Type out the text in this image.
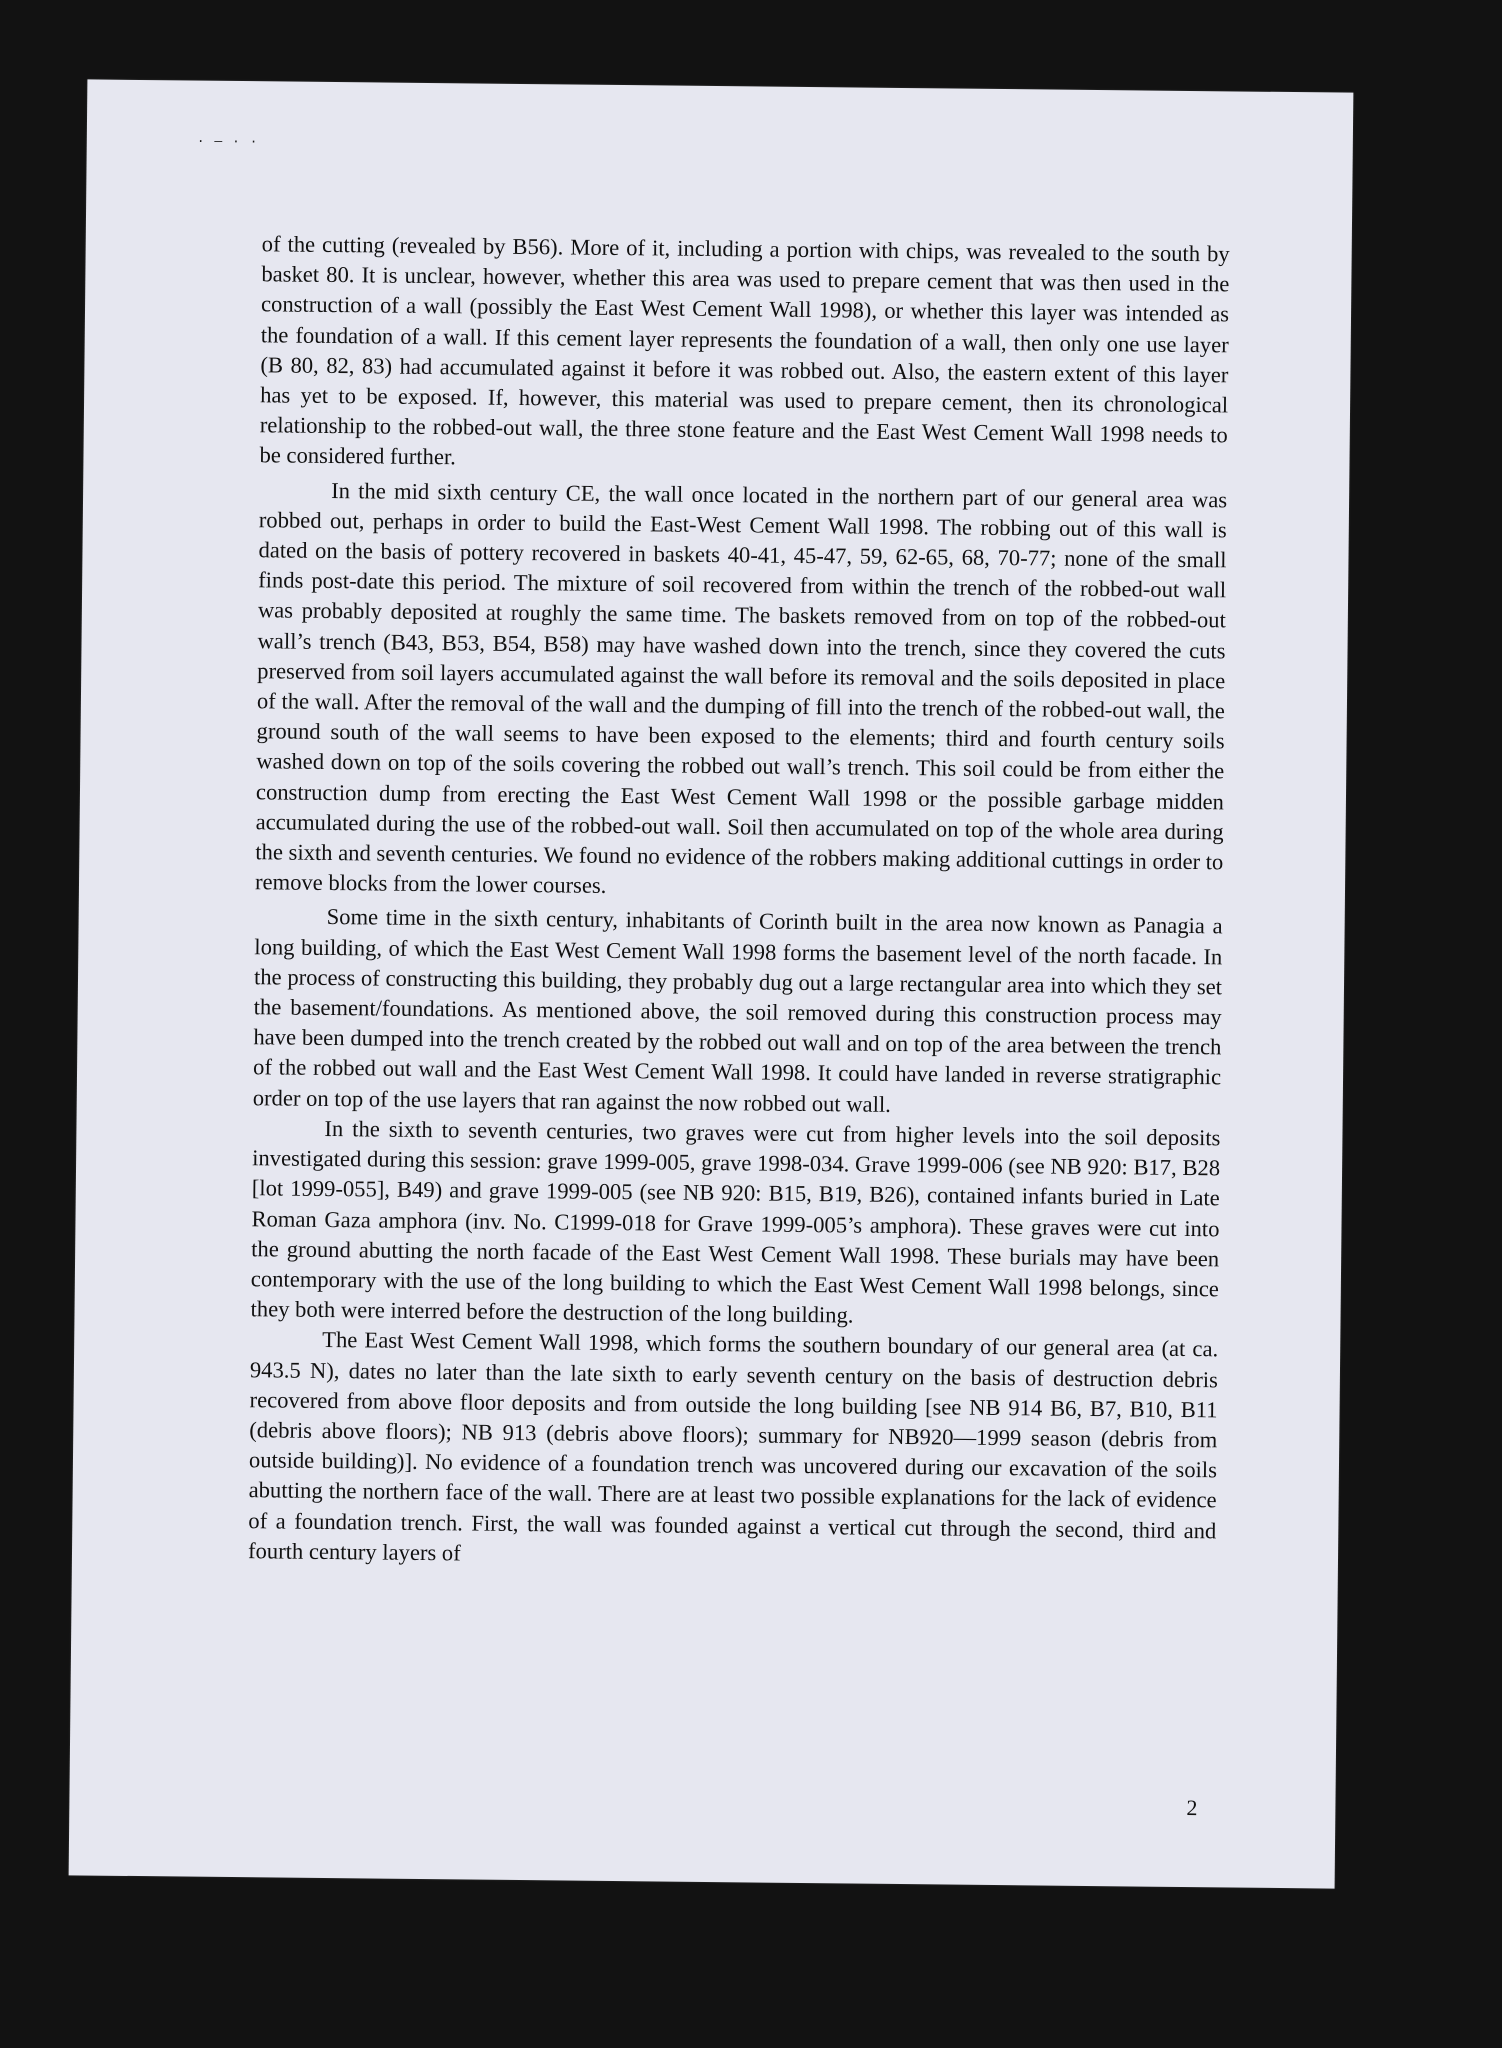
· — · ·

of the cutting (revealed by B56). More of it, including a portion with chips, was revealed to the south by basket 80. It is unclear, however, whether this area was used to prepare cement that was then used in the construction of a wall (possibly the East West Cement Wall 1998), or whether this layer was intended as the foundation of a wall. If this cement layer represents the foundation of a wall, then only one use layer (B 80, 82, 83) had accumulated against it before it was robbed out. Also, the eastern extent of this layer has yet to be exposed. If, however, this material was used to prepare cement, then its chronological relationship to the robbed-out wall, the three stone feature and the East West Cement Wall 1998 needs to be considered further.

In the mid sixth century CE, the wall once located in the northern part of our general area was robbed out, perhaps in order to build the East-West Cement Wall 1998. The robbing out of this wall is dated on the basis of pottery recovered in baskets 40-41, 45-47, 59, 62-65, 68, 70-77; none of the small finds post-date this period. The mixture of soil recovered from within the trench of the robbed-out wall was probably deposited at roughly the same time. The baskets removed from on top of the robbed-out wall’s trench (B43, B53, B54, B58) may have washed down into the trench, since they covered the cuts preserved from soil layers accumulated against the wall before its removal and the soils deposited in place of the wall. After the removal of the wall and the dumping of fill into the trench of the robbed-out wall, the ground south of the wall seems to have been exposed to the elements; third and fourth century soils washed down on top of the soils covering the robbed out wall’s trench. This soil could be from either the construction dump from erecting the East West Cement Wall 1998 or the possible garbage midden accumulated during the use of the robbed-out wall. Soil then accumulated on top of the whole area during the sixth and seventh centuries. We found no evidence of the robbers making additional cuttings in order to remove blocks from the lower courses.

Some time in the sixth century, inhabitants of Corinth built in the area now known as Panagia a long building, of which the East West Cement Wall 1998 forms the basement level of the north facade. In the process of constructing this building, they probably dug out a large rectangular area into which they set the basement/foundations. As mentioned above, the soil removed during this construction process may have been dumped into the trench created by the robbed out wall and on top of the area between the trench of the robbed out wall and the East West Cement Wall 1998. It could have landed in reverse stratigraphic order on top of the use layers that ran against the now robbed out wall.

In the sixth to seventh centuries, two graves were cut from higher levels into the soil deposits investigated during this session: grave 1999-005, grave 1998-034. Grave 1999-006 (see NB 920: B17, B28 [lot 1999-055], B49) and grave 1999-005 (see NB 920: B15, B19, B26), contained infants buried in Late Roman Gaza amphora (inv. No. C1999-018 for Grave 1999-005’s amphora). These graves were cut into the ground abutting the north facade of the East West Cement Wall 1998. These burials may have been contemporary with the use of the long building to which the East West Cement Wall 1998 belongs, since they both were interred before the destruction of the long building.

The East West Cement Wall 1998, which forms the southern boundary of our general area (at ca. 943.5 N), dates no later than the late sixth to early seventh century on the basis of destruction debris recovered from above floor deposits and from outside the long building [see NB 914 B6, B7, B10, B11 (debris above floors); NB 913 (debris above floors); summary for NB920—1999 season (debris from outside building)]. No evidence of a foundation trench was uncovered during our excavation of the soils abutting the northern face of the wall. There are at least two possible explanations for the lack of evidence of a foundation trench. First, the wall was founded against a vertical cut through the second, third and fourth century layers of

2
